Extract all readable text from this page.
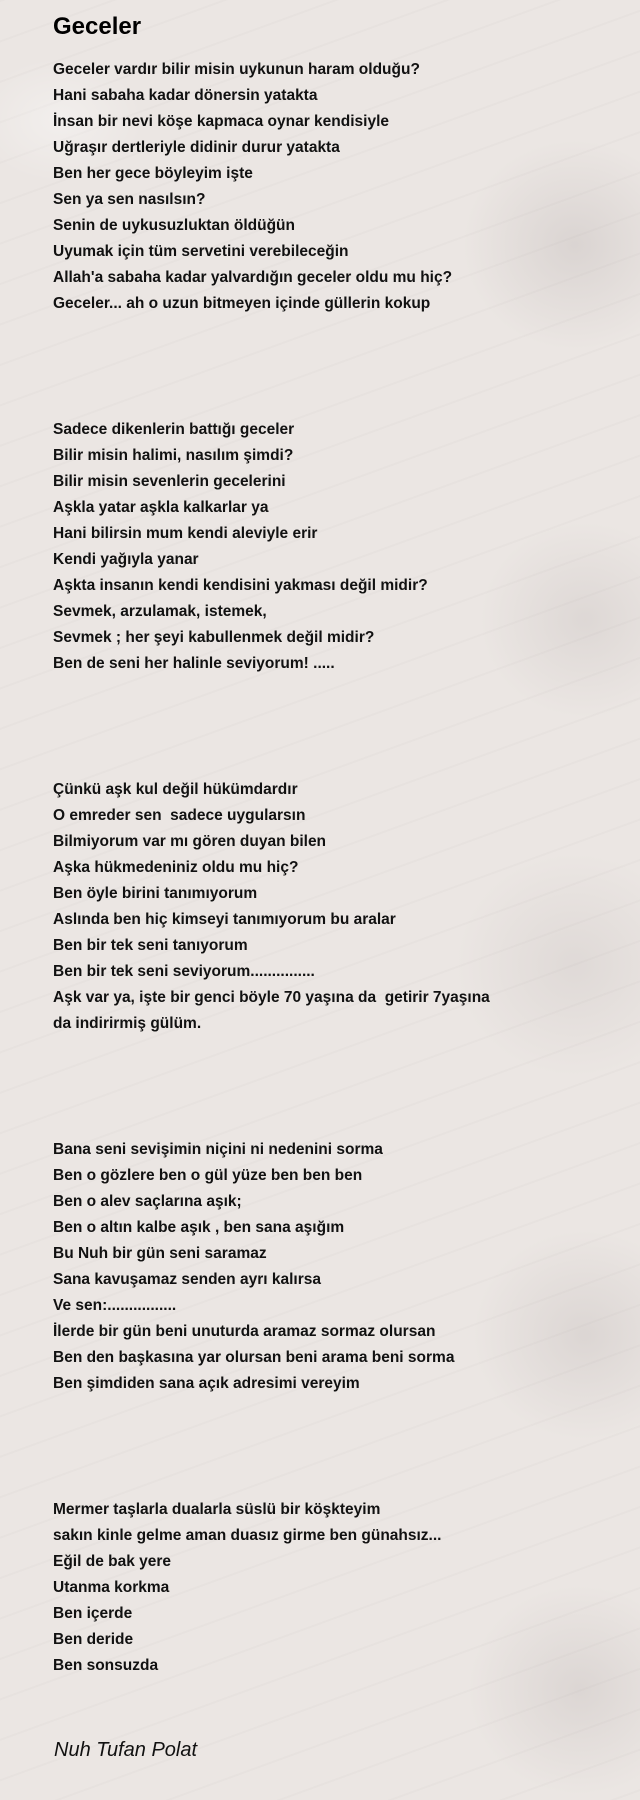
Geceler
Geceler vardır bilir misin uykunun haram olduğu?
Hani sabaha kadar dönersin yatakta
İnsan bir nevi köşe kapmaca oynar kendisiyle
Uğraşır dertleriyle didinir durur yatakta
Ben her gece böyleyim işte
Sen ya sen nasılsın?
Senin de uykusuzluktan öldüğün
Uyumak için tüm servetini verebileceğin
Allah'a sabaha kadar yalvardığın geceler oldu mu hiç?
Geceler... ah o uzun bitmeyen içinde güllerin kokup
Sadece dikenlerin battığı geceler
Bilir misin halimi, nasılım şimdi?
Bilir misin sevenlerin gecelerini
Aşkla yatar aşkla kalkarlar ya
Hani bilirsin mum kendi aleviyle erir
Kendi yağıyla yanar
Aşkta insanın kendi kendisini yakması değil midir?
Sevmek, arzulamak, istemek,
Sevmek ; her şeyi kabullenmek değil midir?
Ben de seni her halinle seviyorum! .....
Çünkü aşk kul değil hükümdardır
O emreder sen  sadece uygularsın
Bilmiyorum var mı gören duyan bilen
Aşka hükmedeniniz oldu mu hiç?
Ben öyle birini tanımıyorum
Aslında ben hiç kimseyi tanımıyorum bu aralar
Ben bir tek seni tanıyorum
Ben bir tek seni seviyorum...............
Aşk var ya, işte bir genci böyle 70 yaşına da  getirir 7yaşına
da indirirmiş gülüm.
Bana seni sevişimin niçini ni nedenini sorma
Ben o gözlere ben o gül yüze ben ben ben
Ben o alev saçlarına aşık;
Ben o altın kalbe aşık , ben sana aşığım
Bu Nuh bir gün seni saramaz
Sana kavuşamaz senden ayrı kalırsa
Ve sen:................
İlerde bir gün beni unuturda aramaz sormaz olursan
Ben den başkasına yar olursan beni arama beni sorma
Ben şimdiden sana açık adresimi vereyim
Mermer taşlarla dualarla süslü bir köşkteyim
sakın kinle gelme aman duasız girme ben günahsız...
Eğil de bak yere
Utanma korkma
Ben içerde
Ben deride
Ben sonsuzda
Nuh Tufan Polat
